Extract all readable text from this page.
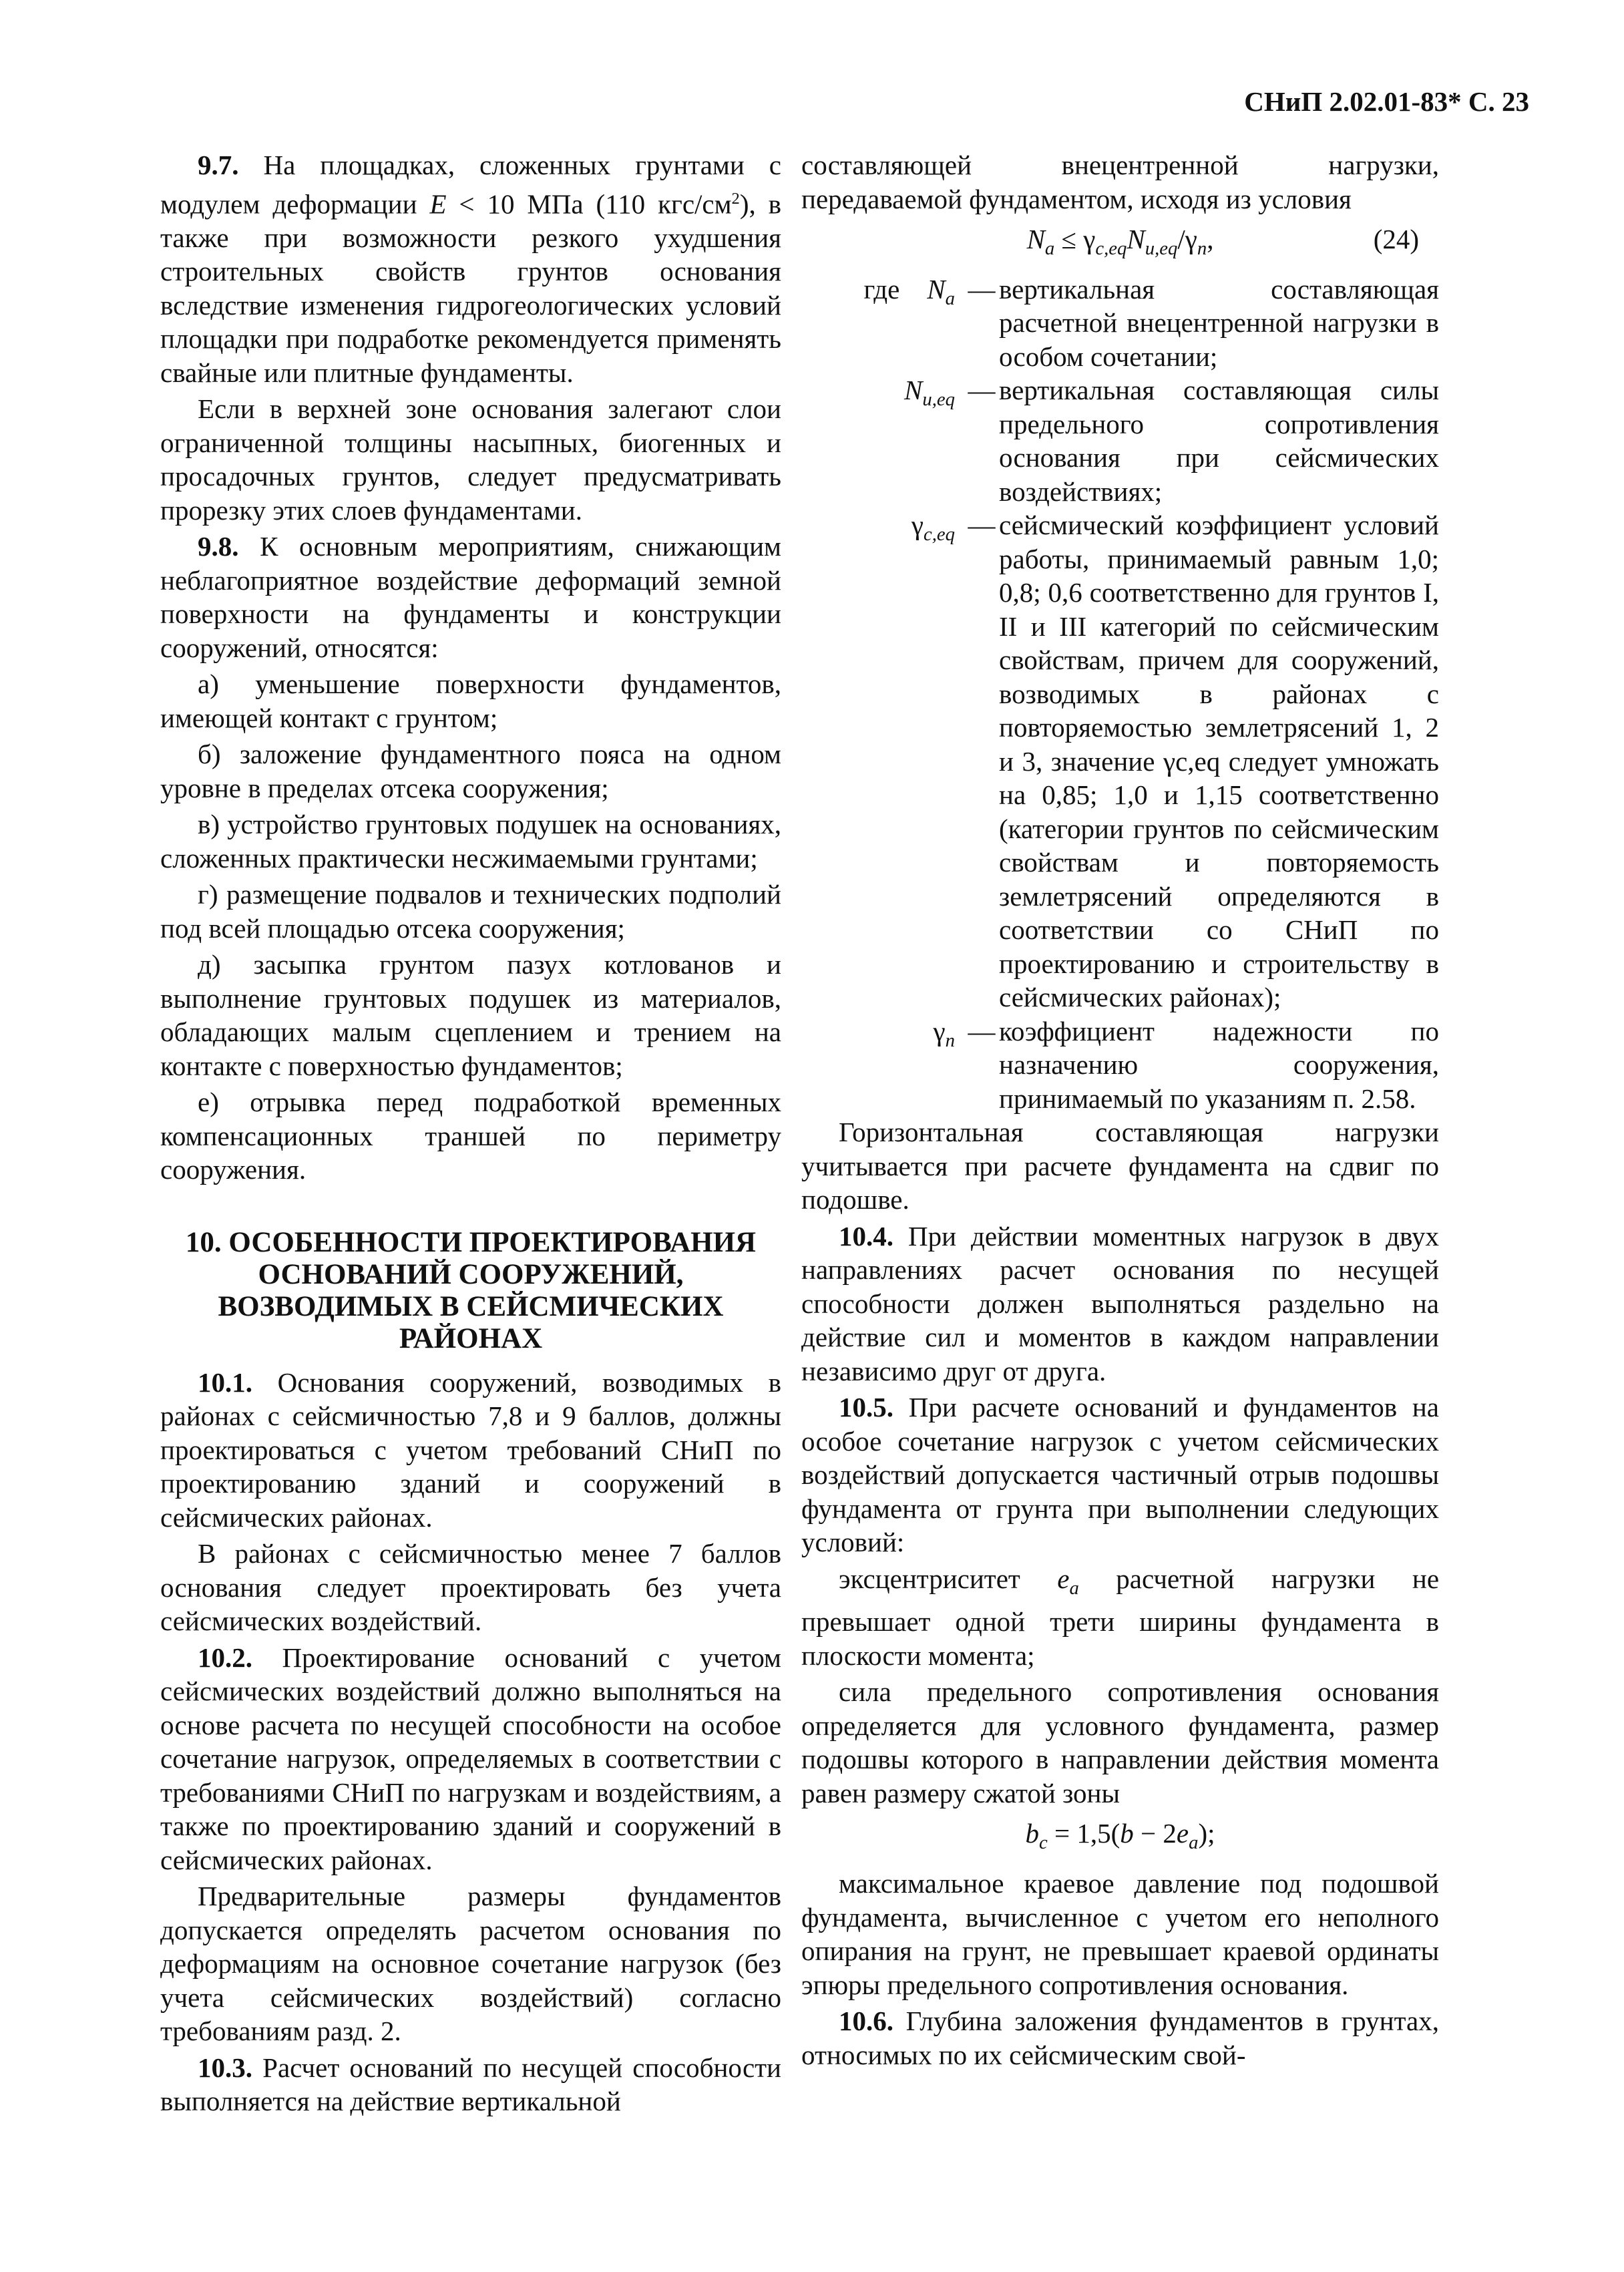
СНиП 2.02.01-83* С. 23

9.7. На площадках, сложенных грунтами с модулем деформации E < 10 МПа (110 кгс/$см^2$), в также при возможности резкого ухудшения строительных свойств грунтов основания вследствие изменения гидрогеологических условий площадки при подработке рекомендуется применять свайные или плитные фундаменты.

Если в верхней зоне основания залегают слои ограниченной толщины насыпных, биогенных и просадочных грунтов, следует предусматривать прорезку этих слоев фундаментами.

9.8. К основным мероприятиям, снижающим неблагоприятное воздействие деформаций земной поверхности на фундаменты и конструкции сооружений, относятся:

а) уменьшение поверхности фундаментов, имеющей контакт с грунтом;

б) заложение фундаментного пояса на одном уровне в пределах отсека сооружения;

в) устройство грунтовых подушек на основаниях, сложенных практически несжимаемыми грунтами;

г) размещение подвалов и технических подполий под всей площадью отсека сооружения;

д) засыпка грунтом пазух котлованов и выполнение грунтовых подушек из материалов, обладающих малым сцеплением и трением на контакте с поверхностью фундаментов;

е) отрывка перед подработкой временных компенсационных траншей по периметру сооружения.

10. ОСОБЕННОСТИ ПРОЕКТИРОВАНИЯ ОСНОВАНИЙ СООРУЖЕНИЙ, ВОЗВОДИМЫХ В СЕЙСМИЧЕСКИХ РАЙОНАХ

10.1. Основания сооружений, возводимых в районах с сейсмичностью 7,8 и 9 баллов, должны проектироваться с учетом требований СНиП по проектированию зданий и сооружений в сейсмических районах.

В районах с сейсмичностью менее 7 баллов основания следует проектировать без учета сейсмических воздействий.

10.2. Проектирование оснований с учетом сейсмических воздействий должно выполняться на основе расчета по несущей способности на особое сочетание нагрузок, определяемых в соответствии с требованиями СНиП по нагрузкам и воздействиям, а также по проектированию зданий и сооружений в сейсмических районах.

Предварительные размеры фундаментов допускается определять расчетом основания по деформациям на основное сочетание нагрузок (без учета сейсмических воздействий) согласно требованиям разд. 2.

10.3. Расчет оснований по несущей способности выполняется на действие вертикальной

составляющей внецентренной нагрузки, передаваемой фундаментом, исходя из условия

$N_a \le \gamma_{c,eq}N_{u,eq}/\gamma_n$,	(24)
где $N_a$	—	вертикальная составляющая расчетной внецентренной нагрузки в особом сочетании;
$N_{u,eq}$	—	вертикальная составляющая силы предельного сопротивления основания при сейсмических воздействиях;
$\gamma_{c,eq}$	—	сейсмический коэффициент условий работы, принимаемый равным 1,0; 0,8; 0,6 соответственно для грунтов I, II и III категорий по сейсмическим свойствам, причем для сооружений, возводимых в районах с повторяемостью землетрясений 1, 2 и 3, значение γc,eq следует умножать на 0,85; 1,0 и 1,15 соответственно (категории грунтов по сейсмическим свойствам и повторяемость землетрясений определяются в соответствии со СНиП по проектированию и строительству в сейсмических районах);
$\gamma_n$	—	коэффициент надежности по назначению сооружения, принимаемый по указаниям п. 2.58.

Горизонтальная составляющая нагрузки учитывается при расчете фундамента на сдвиг по подошве.

10.4. При действии моментных нагрузок в двух направлениях расчет основания по несущей способности должен выполняться раздельно на действие сил и моментов в каждом направлении независимо друг от друга.

10.5. При расчете оснований и фундаментов на особое сочетание нагрузок с учетом сейсмических воздействий допускается частичный отрыв подошвы фундамента от грунта при выполнении следующих условий:

эксцентриситет $e_a$ расчетной нагрузки не превышает одной трети ширины фундамента в плоскости момента;

сила предельного сопротивления основания определяется для условного фундамента, размер подошвы которого в направлении действия момента равен размеру сжатой зоны

$b_c = 1,5(b - 2e_a)$;

максимальное краевое давление под подошвой фундамента, вычисленное с учетом его неполного опирания на грунт, не превышает краевой ординаты эпюры предельного сопротивления основания.

10.6. Глубина заложения фундаментов в грунтах, относимых по их сейсмическим свой-
